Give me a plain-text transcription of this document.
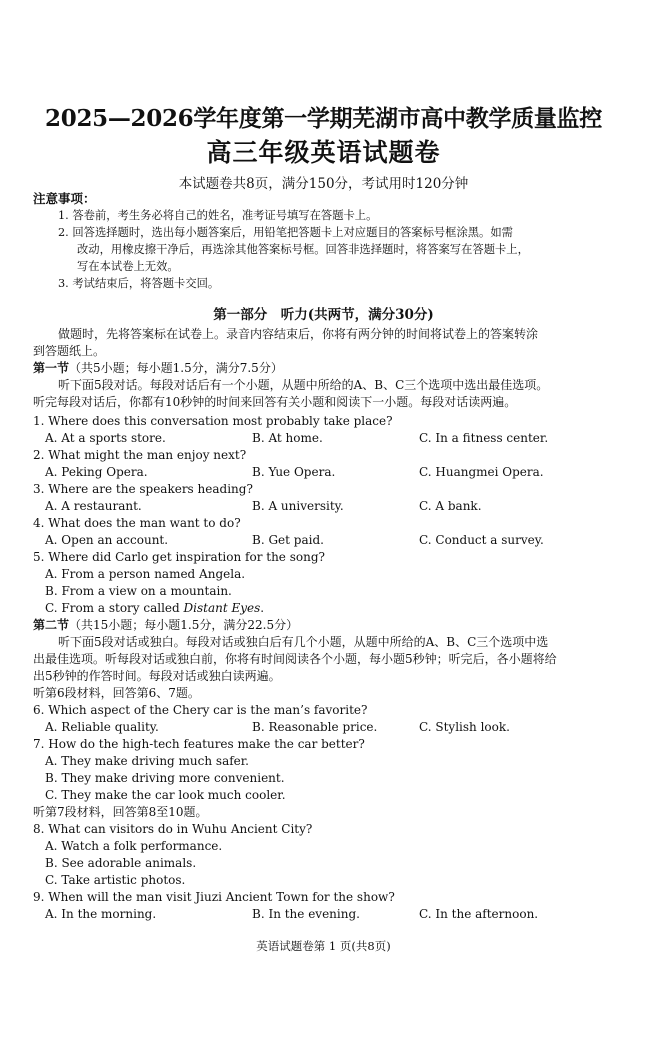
2025—2026学年度第一学期芜湖市高中教学质量监控
高三年级英语试题卷
本试题卷共8页，满分150分，考试用时120分钟
注意事项：
1. 答卷前，考生务必将自己的姓名，准考证号填写在答题卡上。
2. 回答选择题时，选出每小题答案后，用铅笔把答题卡上对应题目的答案标号框涂黑。如需
改动，用橡皮擦干净后，再选涂其他答案标号框。回答非选择题时，将答案写在答题卡上，
写在本试卷上无效。
3. 考试结束后，将答题卡交回。
第一部分　听力(共两节，满分30分)
做题时，先将答案标在试卷上。录音内容结束后，你将有两分钟的时间将试卷上的答案转涂
到答题纸上。
第一节（共5小题；每小题1.5分，满分7.5分）
听下面5段对话。每段对话后有一个小题，从题中所给的A、B、C三个选项中选出最佳选项。
听完每段对话后，你都有10秒钟的时间来回答有关小题和阅读下一小题。每段对话读两遍。
1. Where does this conversation most probably take place?
A. At a sports store.	B. At home.	C. In a fitness center.
2. What might the man enjoy next?
A. Peking Opera.	B. Yue Opera.	C. Huangmei Opera.
3. Where are the speakers heading?
A. A restaurant.	B. A university.	C. A bank.
4. What does the man want to do?
A. Open an account.	B. Get paid.	C. Conduct a survey.
5. Where did Carlo get inspiration for the song?
A. From a person named Angela.
B. From a view on a mountain.
C. From a story called Distant Eyes.
第二节（共15小题；每小题1.5分，满分22.5分）
听下面5段对话或独白。每段对话或独白后有几个小题，从题中所给的A、B、C三个选项中选
出最佳选项。听每段对话或独白前，你将有时间阅读各个小题，每小题5秒钟；听完后，各小题将给
出5秒钟的作答时间。每段对话或独白读两遍。
听第6段材料，回答第6、7题。
6. Which aspect of the Chery car is the man’s favorite?
A. Reliable quality.	B. Reasonable price.	C. Stylish look.
7. How do the high-tech features make the car better?
A. They make driving much safer.
B. They make driving more convenient.
C. They make the car look much cooler.
听第7段材料，回答第8至10题。
8. What can visitors do in Wuhu Ancient City?
A. Watch a folk performance.
B. See adorable animals.
C. Take artistic photos.
9. When will the man visit Jiuzi Ancient Town for the show?
A. In the morning.	B. In the evening.	C. In the afternoon.
英语试题卷第 1 页(共8页)
